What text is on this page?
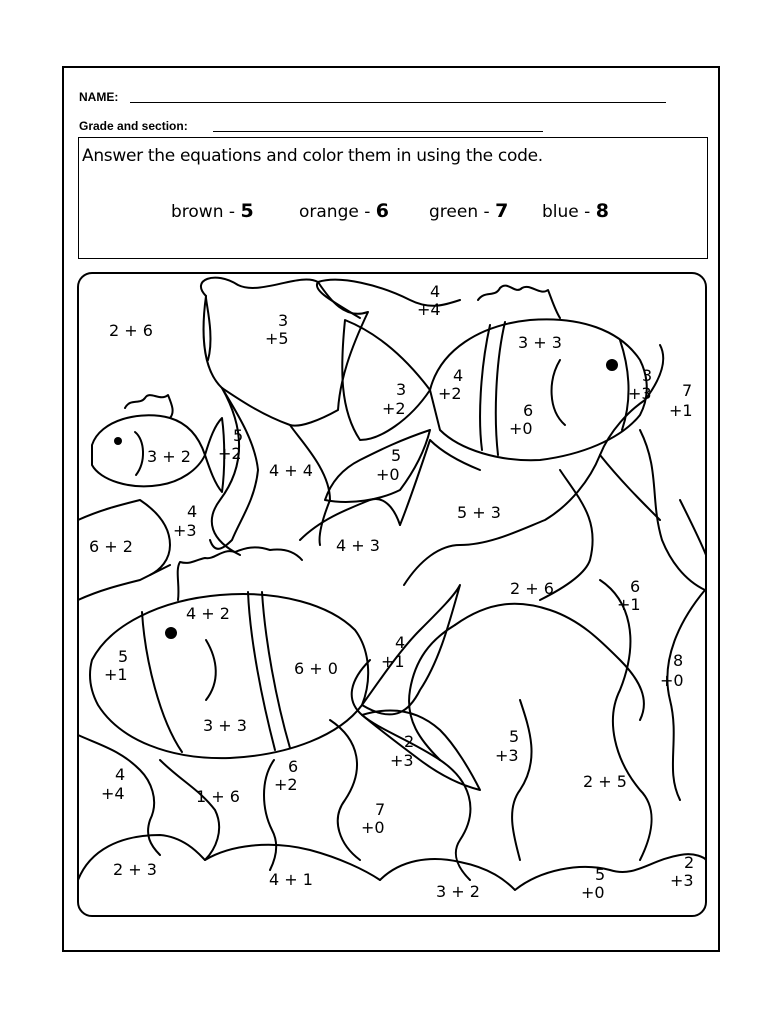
NAME:
Grade and section:
Answer the equations and color them in using the code.
brown - 5	orange - 6 green - 7 blue - 8
2 + 6
3
+5
4
+4
3 + 3
3
+2
4
+2
3
+3 7
+1
6
+0
3 + 2
5
+2
4 + 4
5
+0
4
+3
5 + 3
6 + 2	4 + 3
4 + 2
2 + 6	6
+1
5
+1
4
+1
6 + 0	8
+0
3 + 3
4
+4	1 + 6
6
+2
2
+3
5
+3
2 + 5
7
+0
2 + 3
4 + 1
3 + 2
5
+0
2
+3
